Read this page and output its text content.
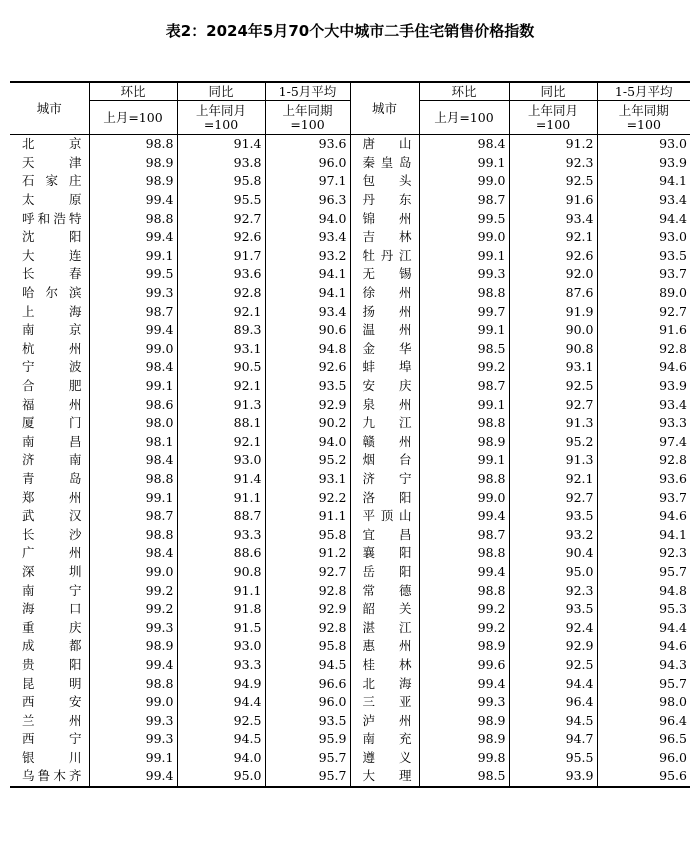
表2：2024年5月70个大中城市二手住宅销售价格指数
城市	环比	同比	1-5月平均	城市	环比	同比	1-5月平均
	上月=100	上年同月=100	上年同期=100		上月=100	上年同月=100	上年同期=100
北京	98.8	91.4	93.6	唐山	98.4	91.2	93.0
天津	98.9	93.8	96.0	秦皇岛	99.1	92.3	93.9
石家庄	98.9	95.8	97.1	包头	99.0	92.5	94.1
太原	99.4	95.5	96.3	丹东	98.7	91.6	93.4
呼和浩特	98.8	92.7	94.0	锦州	99.5	93.4	94.4
沈阳	99.4	92.6	93.4	吉林	99.0	92.1	93.0
大连	99.1	91.7	93.2	牡丹江	99.1	92.6	93.5
长春	99.5	93.6	94.1	无锡	99.3	92.0	93.7
哈尔滨	99.3	92.8	94.1	徐州	98.8	87.6	89.0
上海	98.7	92.1	93.4	扬州	99.7	91.9	92.7
南京	99.4	89.3	90.6	温州	99.1	90.0	91.6
杭州	99.0	93.1	94.8	金华	98.5	90.8	92.8
宁波	98.4	90.5	92.6	蚌埠	99.2	93.1	94.6
合肥	99.1	92.1	93.5	安庆	98.7	92.5	93.9
福州	98.6	91.3	92.9	泉州	99.1	92.7	93.4
厦门	98.0	88.1	90.2	九江	98.8	91.3	93.3
南昌	98.1	92.1	94.0	赣州	98.9	95.2	97.4
济南	98.4	93.0	95.2	烟台	99.1	91.3	92.8
青岛	98.8	91.4	93.1	济宁	98.8	92.1	93.6
郑州	99.1	91.1	92.2	洛阳	99.0	92.7	93.7
武汉	98.7	88.7	91.1	平顶山	99.4	93.5	94.6
长沙	98.8	93.3	95.8	宜昌	98.7	93.2	94.1
广州	98.4	88.6	91.2	襄阳	98.8	90.4	92.3
深圳	99.0	90.8	92.7	岳阳	99.4	95.0	95.7
南宁	99.2	91.1	92.8	常德	98.8	92.3	94.8
海口	99.2	91.8	92.9	韶关	99.2	93.5	95.3
重庆	99.3	91.5	92.8	湛江	99.2	92.4	94.4
成都	98.9	93.0	95.8	惠州	98.9	92.9	94.6
贵阳	99.4	93.3	94.5	桂林	99.6	92.5	94.3
昆明	98.8	94.9	96.6	北海	99.4	94.4	95.7
西安	99.0	94.4	96.0	三亚	99.3	96.4	98.0
兰州	99.3	92.5	93.5	泸州	98.9	94.5	96.4
西宁	99.3	94.5	95.9	南充	98.9	94.7	96.5
银川	99.1	94.0	95.7	遵义	99.8	95.5	96.0
乌鲁木齐	99.4	95.0	95.7	大理	98.5	93.9	95.6
